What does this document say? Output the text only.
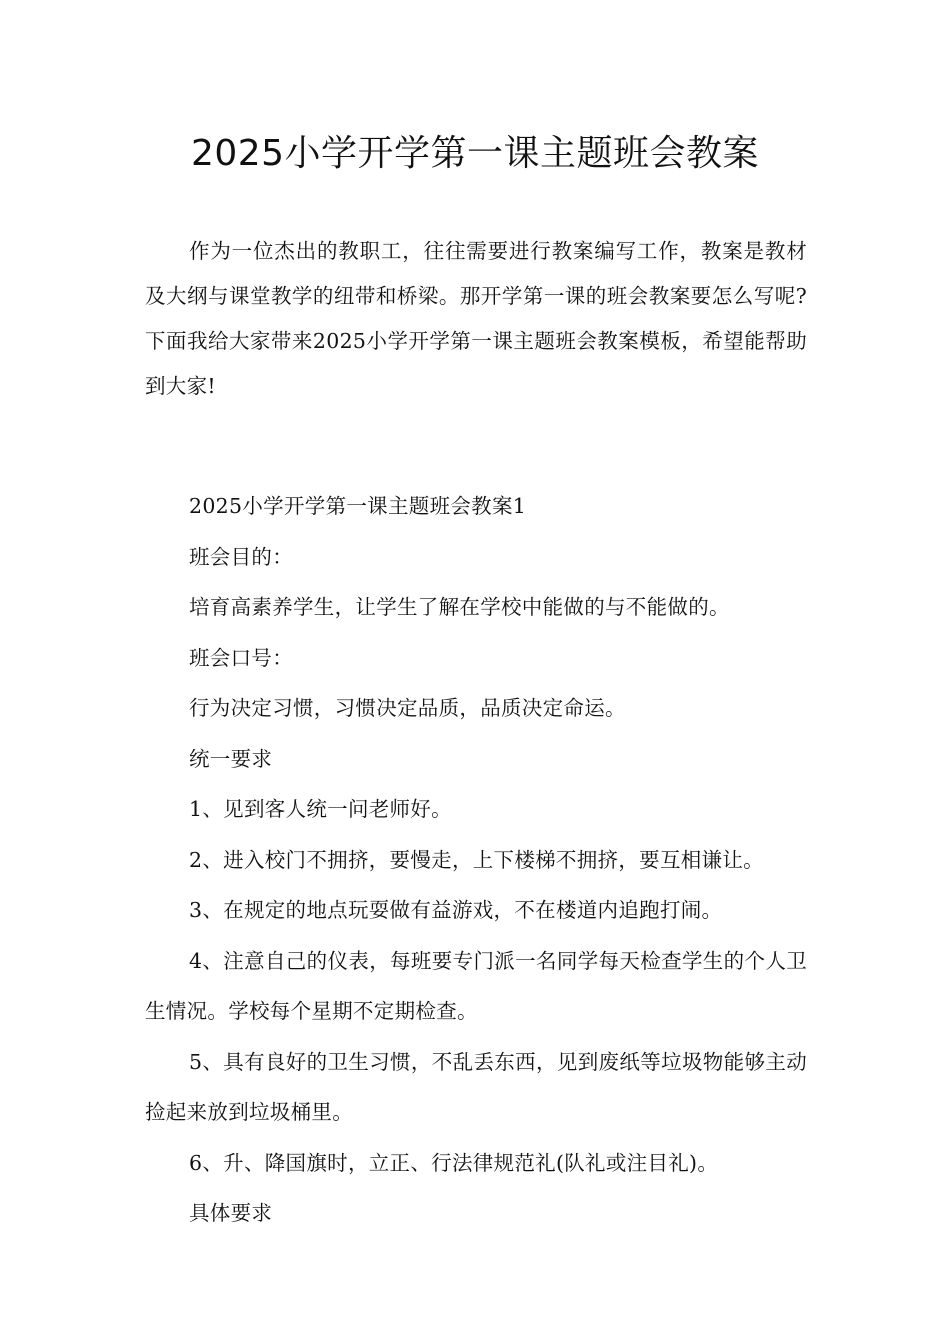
2025小学开学第一课主题班会教案
作为一位杰出的教职工，往往需要进行教案编写工作，教案是教材及大纲与课堂教学的纽带和桥梁。那开学第一课的班会教案要怎么写呢?下面我给大家带来2025小学开学第一课主题班会教案模板，希望能帮助到大家!

2025小学开学第一课主题班会教案1

班会目的：

培育高素养学生，让学生了解在学校中能做的与不能做的。

班会口号：

行为决定习惯，习惯决定品质，品质决定命运。

统一要求

1、见到客人统一问老师好。

2、进入校门不拥挤，要慢走，上下楼梯不拥挤，要互相谦让。

3、在规定的地点玩耍做有益游戏，不在楼道内追跑打闹。

4、注意自己的仪表，每班要专门派一名同学每天检查学生的个人卫生情况。学校每个星期不定期检查。

5、具有良好的卫生习惯，不乱丢东西，见到废纸等垃圾物能够主动捡起来放到垃圾桶里。

6、升、降国旗时，立正、行法律规范礼(队礼或注目礼)。

具体要求
